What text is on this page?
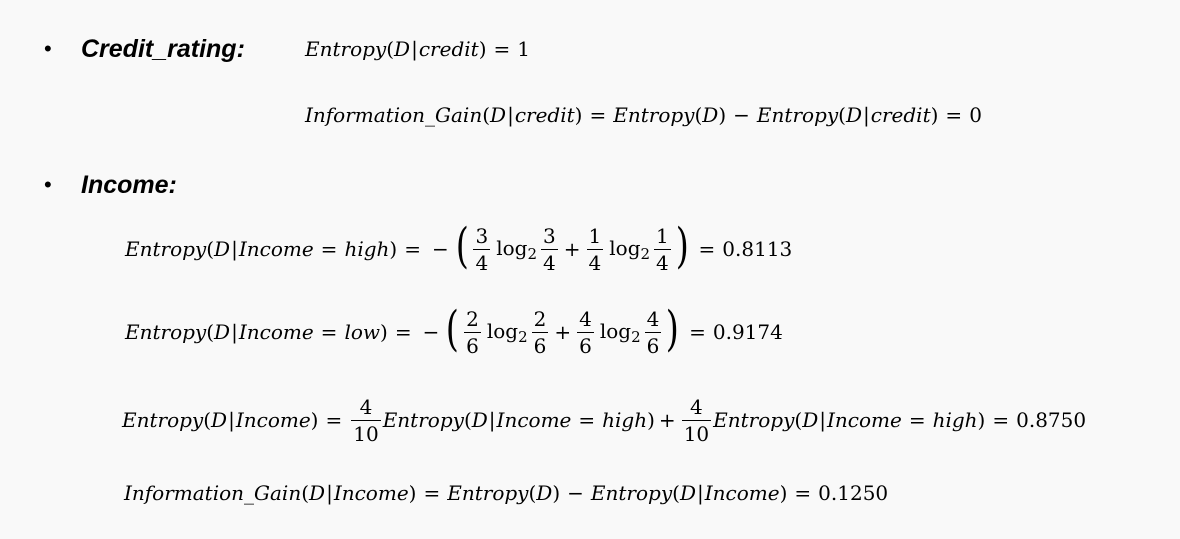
• Credit_rating:	Entropy ( D | credit ) = 1
Information_Gain ( D | credit ) = Entropy ( D ) − Entropy ( D | credit ) = 0
• Income:
Entropy ( D | Income = high ) = − ( $\frac{3}{4} \log_2 \frac{3}{4} + \frac{1}{4} \log_2 \frac{1}{4}$ ) = 0.8113
Entropy ( D | Income = low ) = − ( $\frac{2}{6} \log_2 \frac{2}{6} + \frac{4}{6} \log_2 \frac{4}{6}$ ) = 0.9174
Entropy ( D | Income ) = $\frac{4}{10}$ Entropy ( D | Income = high ) + $\frac{4}{10}$ Entropy ( D | Income = high ) = 0.8750
Information_Gain ( D | Income ) = Entropy ( D ) − Entropy ( D | Income ) = 0.1250
